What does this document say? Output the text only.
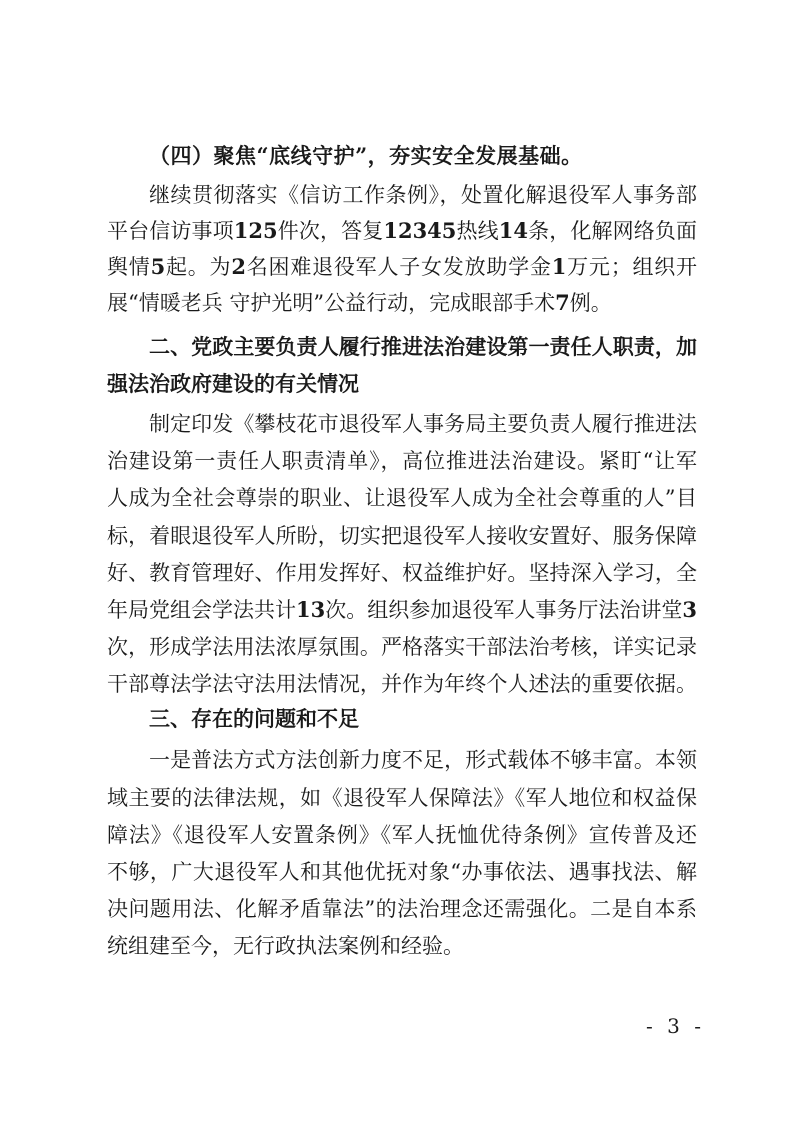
（四）聚焦“底线守护”，夯实安全发展基础。
继续贯彻落实《信访工作条例》，处置化解退役军人事务部
平台信访事项125件次，答复12345热线14条，化解网络负面
舆情5起。为2名困难退役军人子女发放助学金1万元；组织开
展“情暖老兵 守护光明”公益行动，完成眼部手术7例。
二、党政主要负责人履行推进法治建设第一责任人职责，加
强法治政府建设的有关情况
制定印发《攀枝花市退役军人事务局主要负责人履行推进法
治建设第一责任人职责清单》，高位推进法治建设。紧盯“让军
人成为全社会尊崇的职业、让退役军人成为全社会尊重的人”目
标，着眼退役军人所盼，切实把退役军人接收安置好、服务保障
好、教育管理好、作用发挥好、权益维护好。坚持深入学习，全
年局党组会学法共计13次。组织参加退役军人事务厅法治讲堂3
次，形成学法用法浓厚氛围。严格落实干部法治考核，详实记录
干部尊法学法守法用法情况，并作为年终个人述法的重要依据。
三、存在的问题和不足
一是普法方式方法创新力度不足，形式载体不够丰富。本领
域主要的法律法规，如《退役军人保障法》《军人地位和权益保
障法》《退役军人安置条例》《军人抚恤优待条例》宣传普及还
不够，广大退役军人和其他优抚对象“办事依法、遇事找法、解
决问题用法、化解矛盾靠法”的法治理念还需强化。二是自本系
统组建至今，无行政执法案例和经验。
- 3 -
